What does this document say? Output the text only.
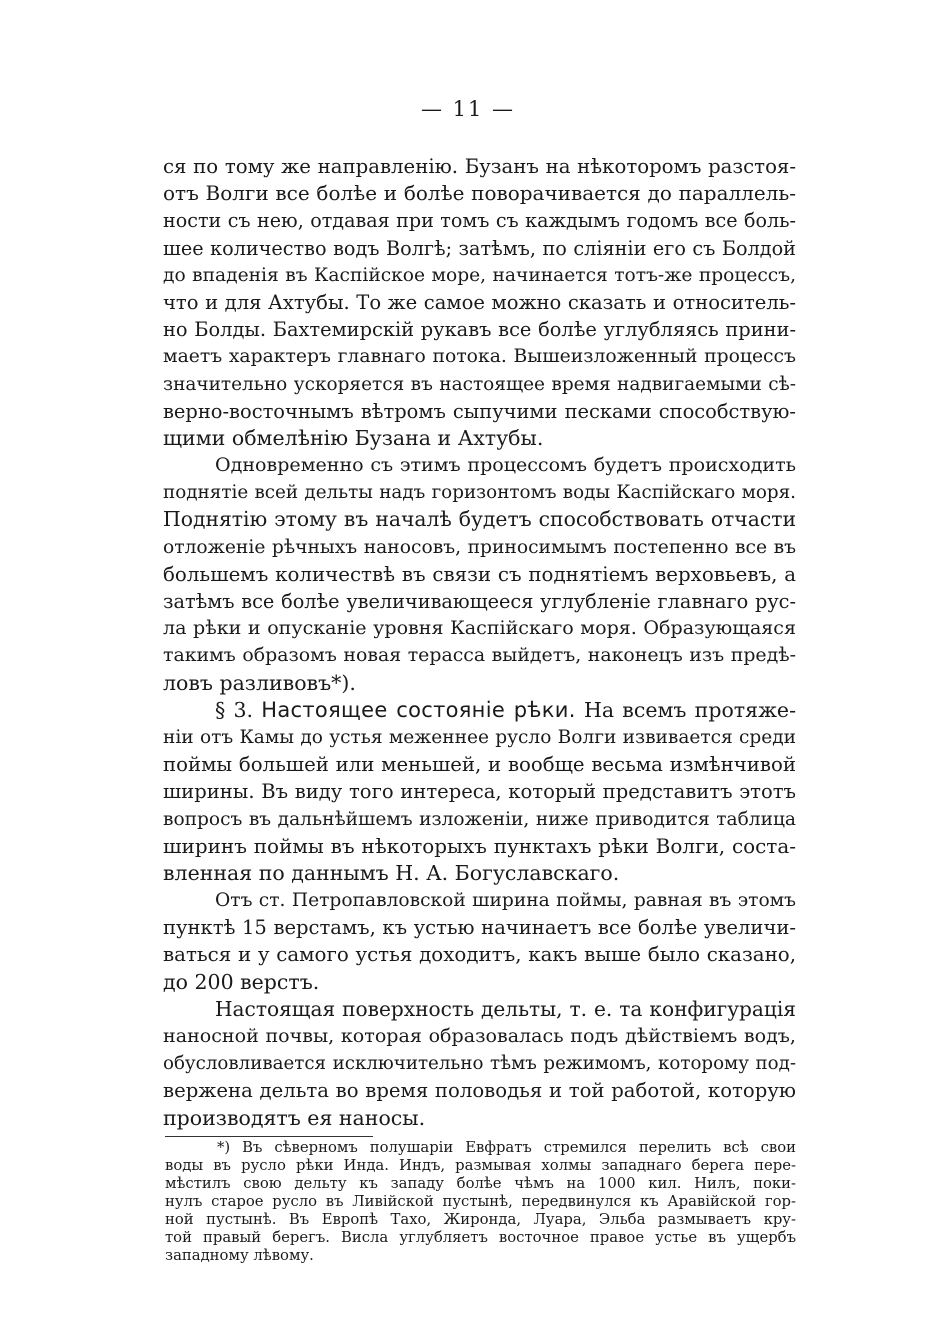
— 11 —
ся по тому же направленію. Бузанъ на нѣкоторомъ разстоя-
отъ Волги все болѣе и болѣе поворачивается до параллель-
ности съ нею, отдавая при томъ съ каждымъ годомъ все боль-
шее количество водъ Волгѣ; затѣмъ, по сліяніи его съ Болдой
до впаденія въ Каспійское море, начинается тотъ-же процессъ,
что и для Ахтубы. То же самое можно сказать и относитель-
но Болды. Бахтемирскій рукавъ все болѣе углубляясь прини-
маетъ характеръ главнаго потока. Вышеизложенный процессъ
значительно ускоряется въ настоящее время надвигаемыми сѣ-
верно-восточнымъ вѣтромъ сыпучими песками способствую-
щими обмелѣнію Бузана и Ахтубы.
Одновременно съ этимъ процессомъ будетъ происходить
поднятіе всей дельты надъ горизонтомъ воды Каспійскаго моря.
Поднятію этому въ началѣ будетъ способствовать отчасти
отложеніе рѣчныхъ наносовъ, приносимымъ постепенно все въ
большемъ количествѣ въ связи съ поднятіемъ верховьевъ, а
затѣмъ все болѣе увеличивающееся углубленіе главнаго рус-
ла рѣки и опусканіе уровня Каспійскаго моря. Образующаяся
такимъ образомъ новая терасса выйдетъ, наконецъ изъ предѣ-
ловъ разливовъ*).
§ 3. Настоящее состояніе рѣки. На всемъ протяже-
ніи отъ Камы до устья меженнее русло Волги извивается среди
поймы большей или меньшей, и вообще весьма измѣнчивой
ширины. Въ виду того интереса, который представитъ этотъ
вопросъ въ дальнѣйшемъ изложеніи, ниже приводится таблица
ширинъ поймы въ нѣкоторыхъ пунктахъ рѣки Волги, соста-
вленная по даннымъ Н. А. Богуславскаго.
Отъ ст. Петропавловской ширина поймы, равная въ этомъ
пунктѣ 15 верстамъ, къ устью начинаетъ все болѣе увеличи-
ваться и у самого устья доходитъ, какъ выше было сказано,
до 200 верстъ.
Настоящая поверхность дельты, т. е. та конфигурація
наносной почвы, которая образовалась подъ дѣйствіемъ водъ,
обусловливается исключительно тѣмъ режимомъ, которому под-
вержена дельта во время половодья и той работой, которую
производятъ ея наносы.
*) Въ сѣверномъ полушаріи Евфратъ стремился перелить всѣ свои
воды въ русло рѣки Инда. Индъ, размывая холмы западнаго берега пере-
мѣстилъ свою дельту къ западу болѣе чѣмъ на 1000 кил. Нилъ, поки-
нулъ старое русло въ Ливійской пустынѣ, передвинулся къ Аравійской гор-
ной пустынѣ. Въ Европѣ Тахо, Жиронда, Луара, Эльба размываетъ кру-
той правый берегъ. Висла углубляетъ восточное правое устье въ ущербъ
западному лѣвому.
